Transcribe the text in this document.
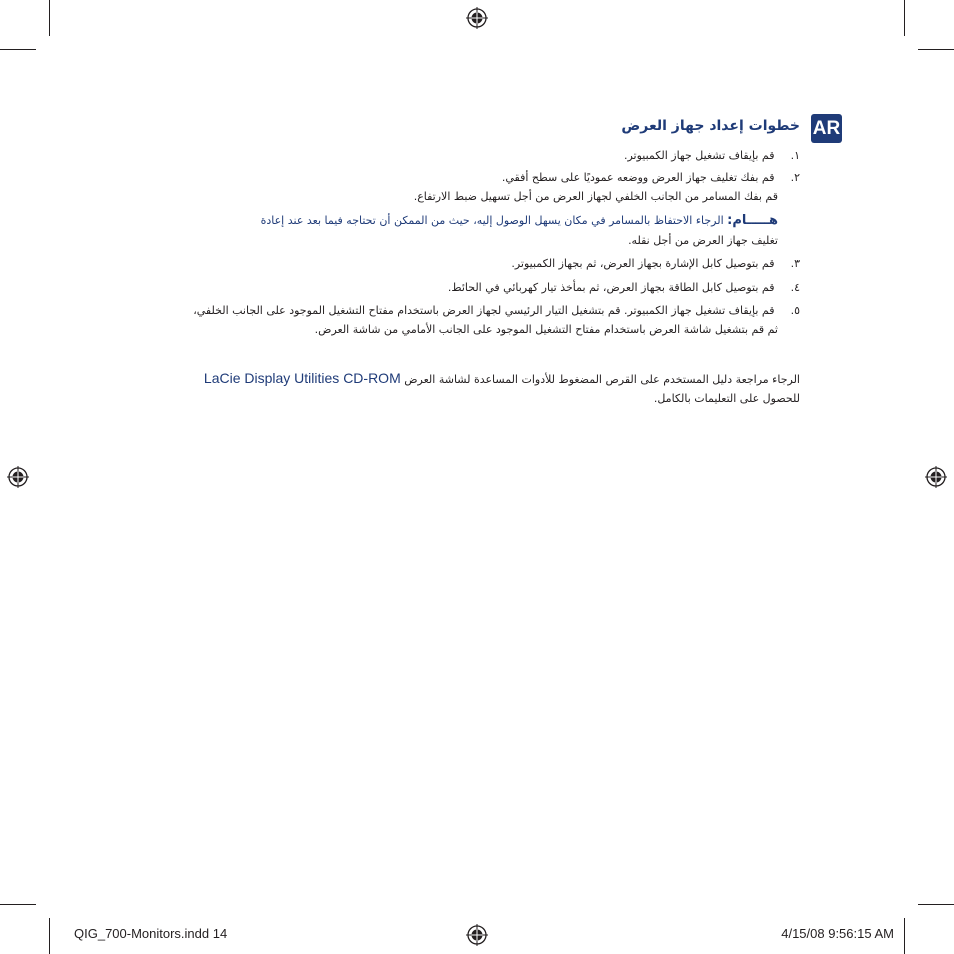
AR
خطوات إعداد جهاز العرض
١. قم بإيقاف تشغيل جهاز الكمبيوتر.
٢. قم بفك تغليف جهاز العرض ووضعه عموديًا على سطح أفقي.
قم بفك المسامر من الجانب الخلفي لجهاز العرض من أجل تسهيل ضبط الارتفاع.
هـــــام: الرجاء الاحتفاظ بالمسامر في مكان يسهل الوصول إليه، حيث من الممكن أن تحتاجه فيما بعد عند إعادة
تغليف جهاز العرض من أجل نقله.
٣. قم بتوصيل كابل الإشارة بجهاز العرض، ثم بجهاز الكمبيوتر.
٤. قم بتوصيل كابل الطاقة بجهاز العرض، ثم بمأخذ تيار كهربائي في الحائط.
٥. قم بإيقاف تشغيل جهاز الكمبيوتر. قم بتشغيل التيار الرئيسي لجهاز العرض باستخدام مفتاح التشغيل الموجود على الجانب الخلفي،
ثم قم بتشغيل شاشة العرض باستخدام مفتاح التشغيل الموجود على الجانب الأمامي من شاشة العرض.
الرجاء مراجعة دليل المستخدم على القرص المضغوط للأدوات المساعدة لشاشة العرض LaCie Display Utilities CD-ROM
للحصول على التعليمات بالكامل.
QIG_700-Monitors.indd 14	4/15/08 9:56:15 AM
